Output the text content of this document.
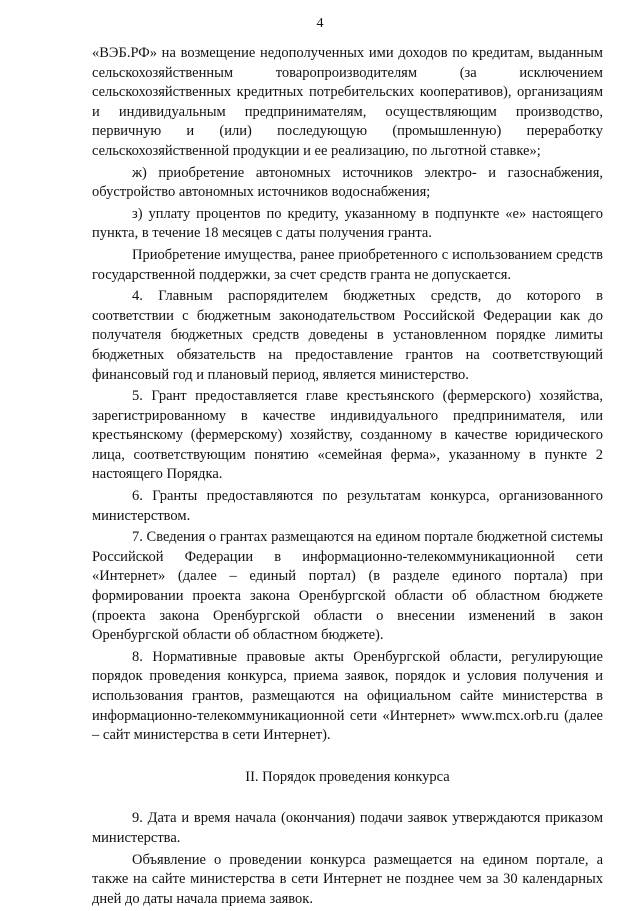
4

«ВЭБ.РФ» на возмещение недополученных ими доходов по кредитам, выданным сельскохозяйственным товаропроизводителям (за исключением сельскохозяйственных кредитных потребительских кооперативов), организациям и индивидуальным предпринимателям, осуществляющим производство, первичную и (или) последующую (промышленную) переработку сельскохозяйственной продукции и ее реализацию, по льготной ставке»;

ж) приобретение автономных источников электро- и газоснабжения, обустройство автономных источников водоснабжения;

з) уплату процентов по кредиту, указанному в подпункте «е» настоящего пункта, в течение 18 месяцев с даты получения гранта.

Приобретение имущества, ранее приобретенного с использованием средств государственной поддержки, за счет средств гранта не допускается.

4. Главным распорядителем бюджетных средств, до которого в соответствии с бюджетным законодательством Российской Федерации как до получателя бюджетных средств доведены в установленном порядке лимиты бюджетных обязательств на предоставление грантов на соответствующий финансовый год и плановый период, является министерство.

5. Грант предоставляется главе крестьянского (фермерского) хозяйства, зарегистрированному в качестве индивидуального предпринимателя, или крестьянскому (фермерскому) хозяйству, созданному в качестве юридического лица, соответствующим понятию «семейная ферма», указанному в пункте 2 настоящего Порядка.

6. Гранты предоставляются по результатам конкурса, организованного министерством.

7. Сведения о грантах размещаются на едином портале бюджетной системы Российской Федерации в информационно-телекоммуникационной сети «Интернет» (далее – единый портал) (в разделе единого портала) при формировании проекта закона Оренбургской области об областном бюджете (проекта закона Оренбургской области о внесении изменений в закон Оренбургской области об областном бюджете).

8. Нормативные правовые акты Оренбургской области, регулирующие порядок проведения конкурса, приема заявок, порядок и условия получения и использования грантов, размещаются на официальном сайте министерства в информационно-телекоммуникационной сети «Интернет» www.mcx.orb.ru (далее – сайт министерства в сети Интернет).

II. Порядок проведения конкурса

9. Дата и время начала (окончания) подачи заявок утверждаются приказом министерства.

Объявление о проведении конкурса размещается на едином портале, а также на сайте министерства в сети Интернет не позднее чем за 30 календарных дней до даты начала приема заявок.
